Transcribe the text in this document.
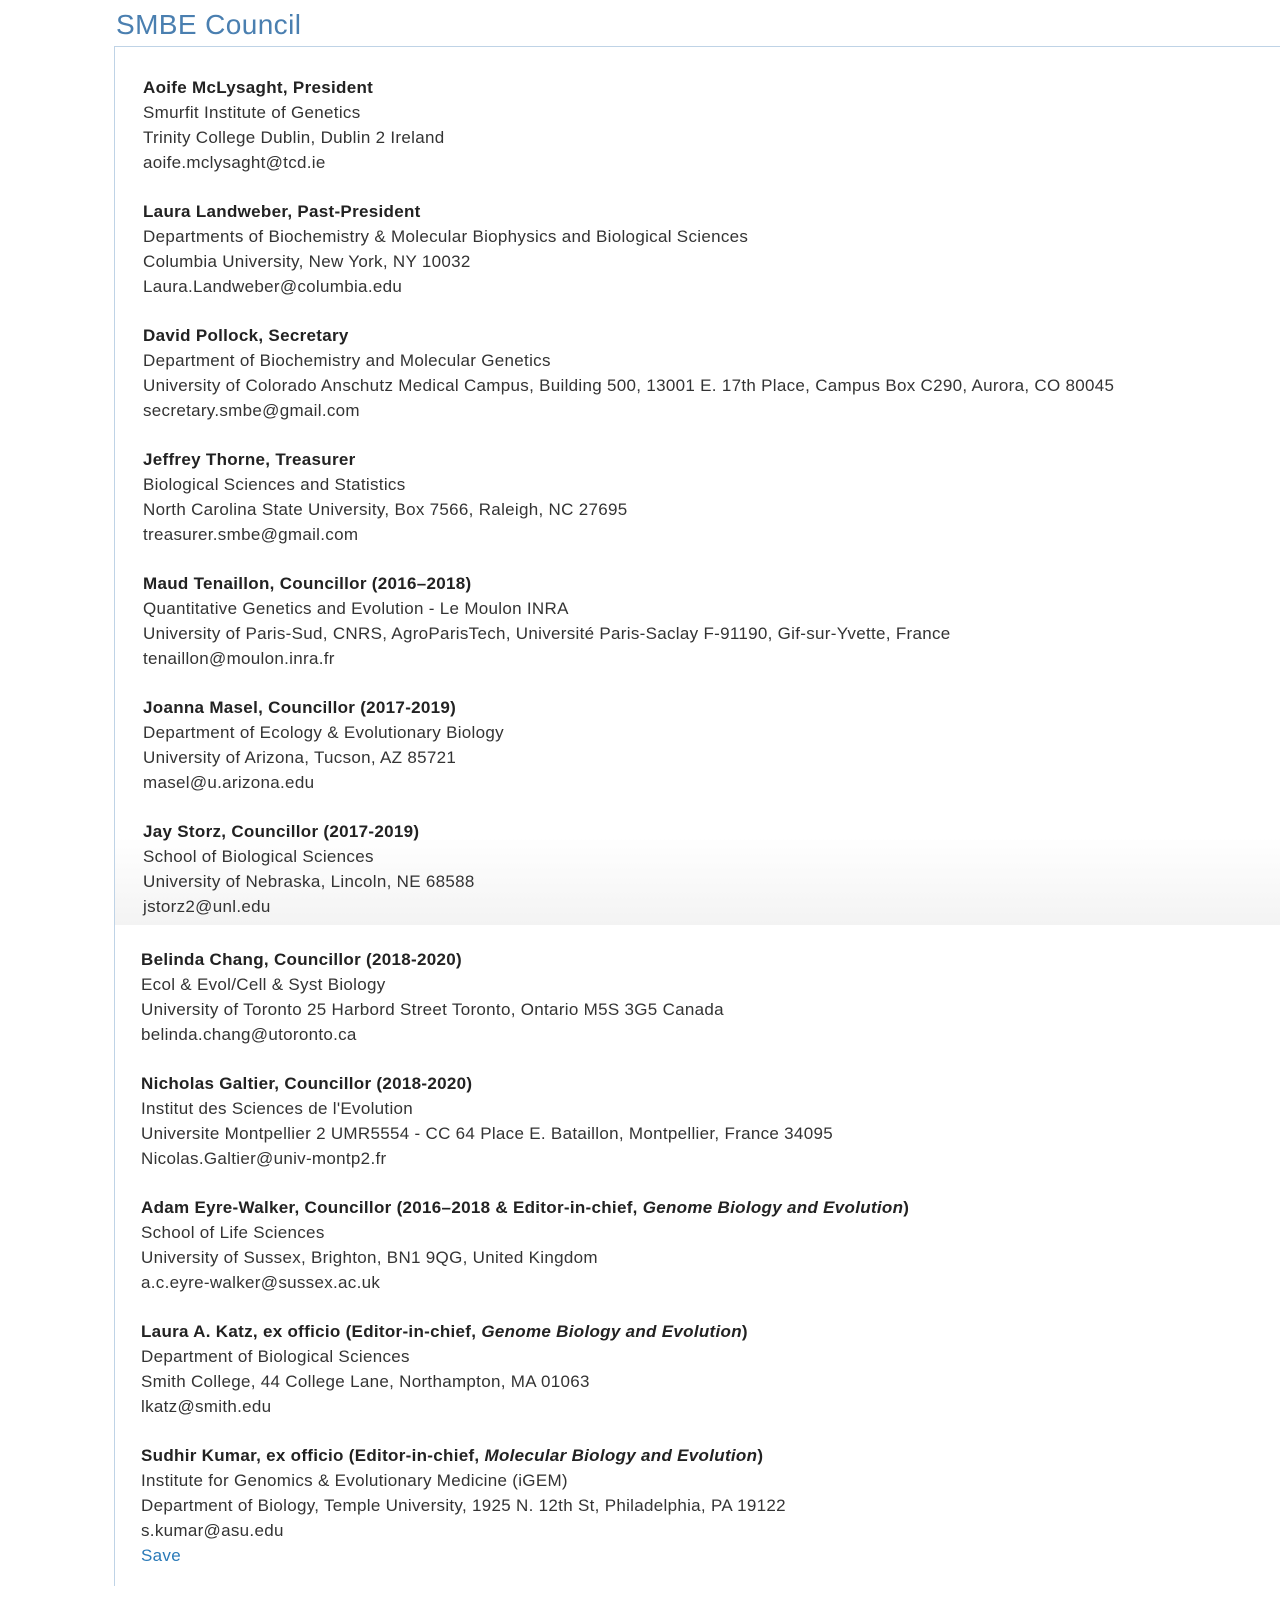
SMBE Council
Aoife McLysaght, President
Smurfit Institute of Genetics
Trinity College Dublin, Dublin 2 Ireland
aoife.mclysaght@tcd.ie
Laura Landweber, Past-President
Departments of Biochemistry & Molecular Biophysics and Biological Sciences
Columbia University, New York, NY 10032
Laura.Landweber@columbia.edu
David Pollock, Secretary
Department of Biochemistry and Molecular Genetics
University of Colorado Anschutz Medical Campus, Building 500, 13001 E. 17th Place, Campus Box C290, Aurora, CO 80045
secretary.smbe@gmail.com
Jeffrey Thorne, Treasurer
Biological Sciences and Statistics
North Carolina State University, Box 7566, Raleigh, NC 27695
treasurer.smbe@gmail.com
Maud Tenaillon, Councillor (2016–2018)
Quantitative Genetics and Evolution - Le Moulon INRA
University of Paris-Sud, CNRS, AgroParisTech, Université Paris-Saclay F-91190, Gif-sur-Yvette, France
tenaillon@moulon.inra.fr
Joanna Masel, Councillor (2017-2019)
Department of Ecology & Evolutionary Biology
University of Arizona, Tucson, AZ 85721
masel@u.arizona.edu
Jay Storz, Councillor (2017-2019)
School of Biological Sciences
University of Nebraska, Lincoln, NE 68588
jstorz2@unl.edu
Belinda Chang, Councillor (2018-2020)
Ecol & Evol/Cell & Syst Biology
University of Toronto 25 Harbord Street Toronto, Ontario M5S 3G5 Canada
belinda.chang@utoronto.ca
Nicholas Galtier, Councillor (2018-2020)
Institut des Sciences de l'Evolution
Universite Montpellier 2 UMR5554 - CC 64 Place E. Bataillon, Montpellier, France 34095
Nicolas.Galtier@univ-montp2.fr
Adam Eyre-Walker, Councillor (2016–2018 & Editor-in-chief, Genome Biology and Evolution)
School of Life Sciences
University of Sussex, Brighton, BN1 9QG, United Kingdom
a.c.eyre-walker@sussex.ac.uk
Laura A. Katz, ex officio (Editor-in-chief, Genome Biology and Evolution)
Department of Biological Sciences
Smith College, 44 College Lane, Northampton, MA 01063
lkatz@smith.edu
Sudhir Kumar, ex officio (Editor-in-chief, Molecular Biology and Evolution)
Institute for Genomics & Evolutionary Medicine (iGEM)
Department of Biology, Temple University, 1925 N. 12th St, Philadelphia, PA 19122
s.kumar@asu.edu
Save
